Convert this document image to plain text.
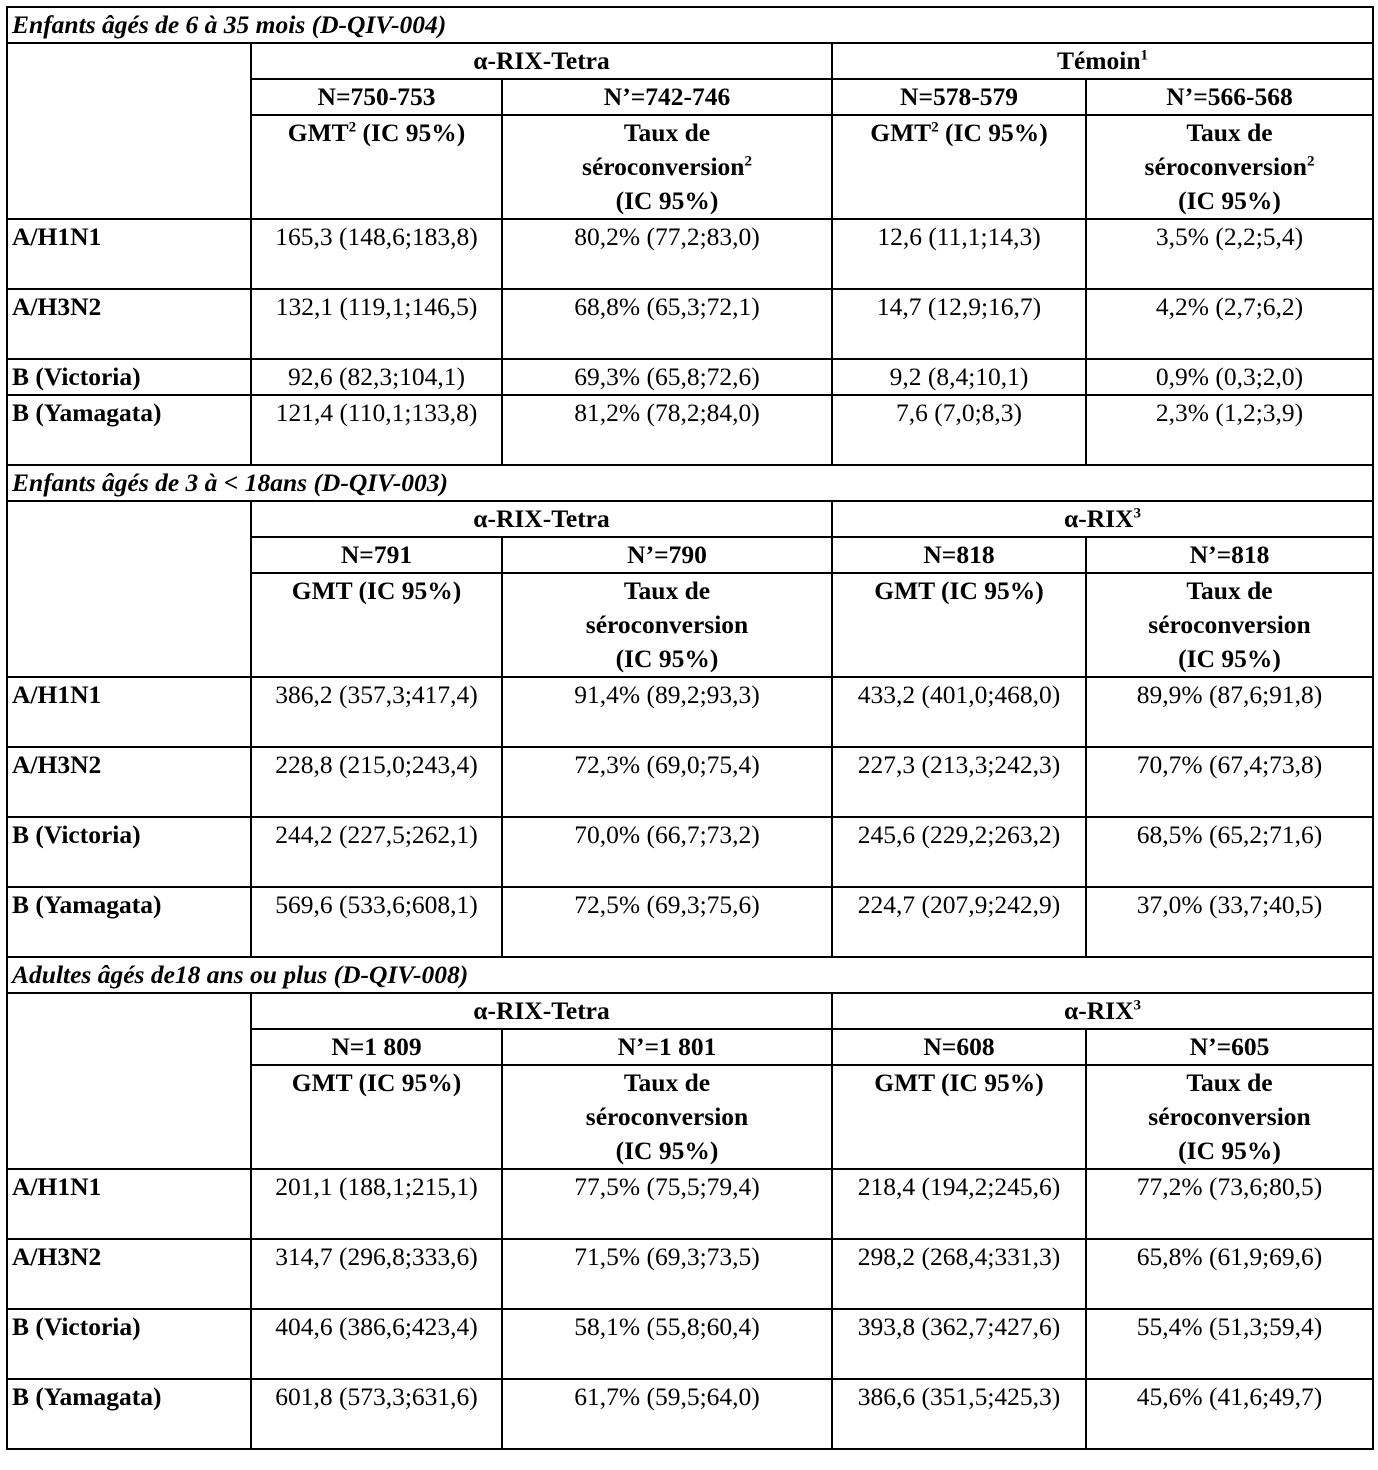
Enfants âgés de 6 à 35 mois (D-QIV-004)				
	α-RIX-Tetra		Témoin$^1$
	N=750-753	N’=742-746	N=578-579	N’=566-568
	GMT$^2$ (IC 95%)	Taux de
séroconversion$^2$
(IC 95%)	GMT$^2$ (IC 95%)	Taux de
séroconversion$^2$
(IC 95%)

A/H1N1	165,3 (148,6;183,8)	80,2% (77,2;83,0)	12,6 (11,1;14,3)	3,5% (2,2;5,4)
A/H3N2	132,1 (119,1;146,5)	68,8% (65,3;72,1)	14,7 (12,9;16,7)	4,2% (2,7;6,2)
B (Victoria)	92,6 (82,3;104,1)	69,3% (65,8;72,6)	9,2 (8,4;10,1)	0,9% (0,3;2,0)
B (Yamagata)	121,4 (110,1;133,8)	81,2% (78,2;84,0)	7,6 (7,0;8,3)	2,3% (1,2;3,9)
Enfants âgés de 3 à < 18ans (D-QIV-003)				
	α-RIX-Tetra		α-RIX$^3$
	N=791	N’=790	N=818	N’=818
	GMT (IC 95%)	Taux de
séroconversion
(IC 95%)	GMT (IC 95%)	Taux de
séroconversion
(IC 95%)

A/H1N1	386,2 (357,3;417,4)	91,4% (89,2;93,3)	433,2 (401,0;468,0)	89,9% (87,6;91,8)
A/H3N2	228,8 (215,0;243,4)	72,3% (69,0;75,4)	227,3 (213,3;242,3)	70,7% (67,4;73,8)
B (Victoria)	244,2 (227,5;262,1)	70,0% (66,7;73,2)	245,6 (229,2;263,2)	68,5% (65,2;71,6)
B (Yamagata)	569,6 (533,6;608,1)	72,5% (69,3;75,6)	224,7 (207,9;242,9)	37,0% (33,7;40,5)
Adultes âgés de18 ans ou plus (D-QIV-008)				
	α-RIX-Tetra		α-RIX$^3$
	N=1 809	N’=1 801	N=608	N’=605
	GMT (IC 95%)	Taux de
séroconversion
(IC 95%)	GMT (IC 95%)	Taux de
séroconversion
(IC 95%)

A/H1N1	201,1 (188,1;215,1)	77,5% (75,5;79,4)	218,4 (194,2;245,6)	77,2% (73,6;80,5)
A/H3N2	314,7 (296,8;333,6)	71,5% (69,3;73,5)	298,2 (268,4;331,3)	65,8% (61,9;69,6)
B (Victoria)	404,6 (386,6;423,4)	58,1% (55,8;60,4)	393,8 (362,7;427,6)	55,4% (51,3;59,4)
B (Yamagata)	601,8 (573,3;631,6)	61,7% (59,5;64,0)	386,6 (351,5;425,3)	45,6% (41,6;49,7)
